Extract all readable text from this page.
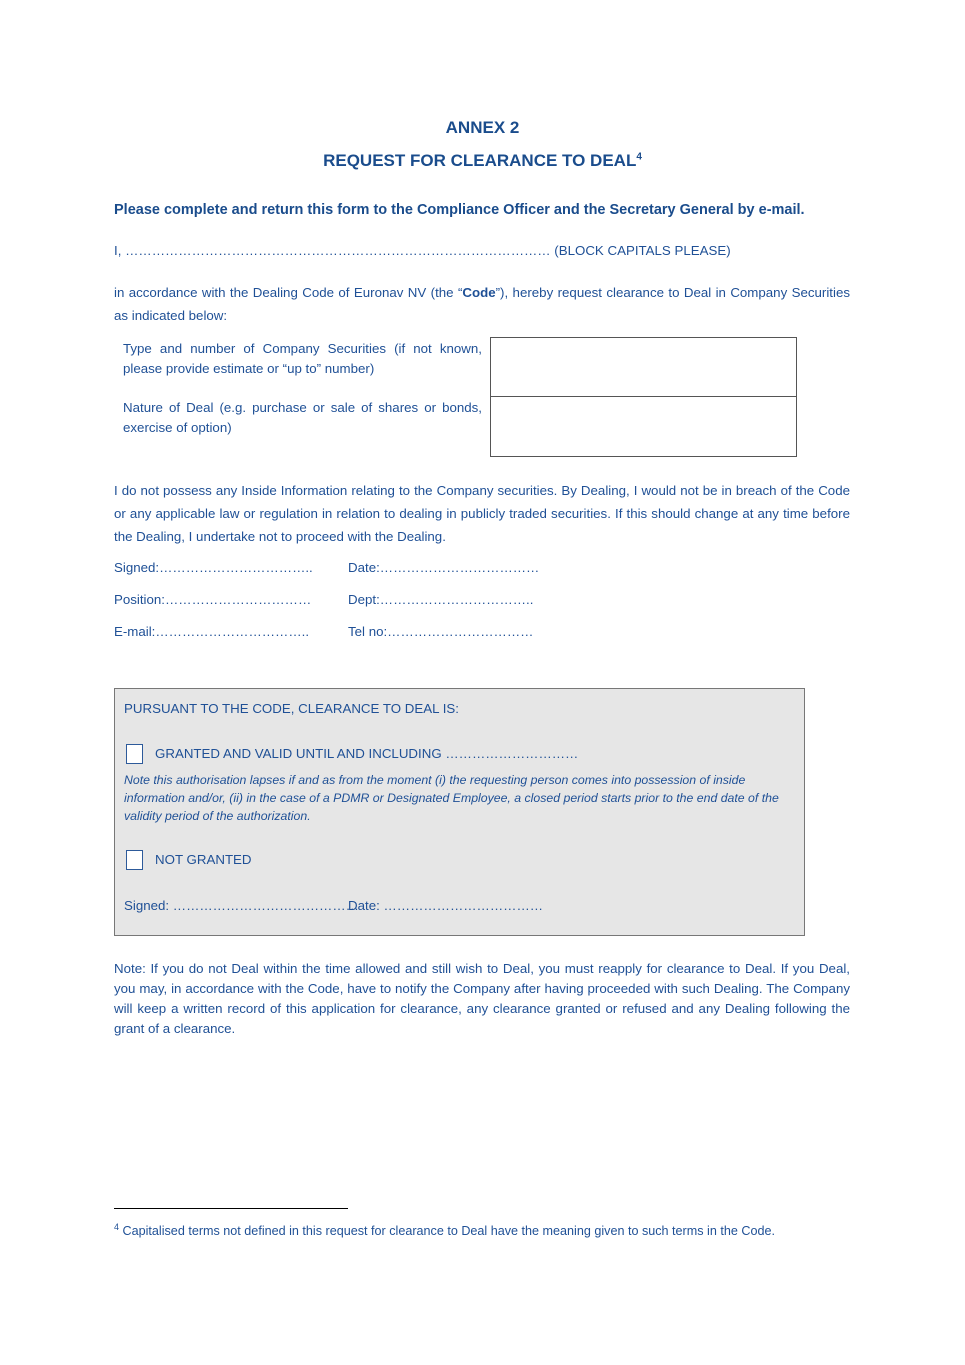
ANNEX 2
REQUEST FOR CLEARANCE TO DEAL$^4$
Please complete and return this form to the Compliance Officer and the Secretary General by e-mail.
I, …………………………………………………………………………………… (BLOCK CAPITALS PLEASE)
in accordance with the Dealing Code of Euronav NV (the “Code”), hereby request clearance to Deal in Company Securities as indicated below:
Type and number of Company Securities (if not known, please provide estimate or “up to” number)
Nature of Deal (e.g. purchase or sale of shares or bonds, exercise of option)
I do not possess any Inside Information relating to the Company securities. By Dealing, I would not be in breach of the Code or any applicable law or regulation in relation to dealing in publicly traded securities. If this should change at any time before the Dealing, I undertake not to proceed with the Dealing.
Signed:……………………………..	Date:………………………………
Position:……………………………	Dept:……………………………..
E-mail:……………………………..	Tel no:……………………………
PURSUANT TO THE CODE, CLEARANCE TO DEAL IS:
GRANTED AND VALID UNTIL AND INCLUDING …………………………
Note this authorisation lapses if and as from the moment (i) the requesting person comes into possession of inside information and/or, (ii) in the case of a PDMR or Designated Employee, a closed period starts prior to the end date of the validity period of the authorization.
NOT GRANTED
Signed: ……………………………………
Date: ………………………………
Note: If you do not Deal within the time allowed and still wish to Deal, you must reapply for clearance to Deal. If you Deal, you may, in accordance with the Code, have to notify the Company after having proceeded with such Dealing. The Company will keep a written record of this application for clearance, any clearance granted or refused and any Dealing following the grant of a clearance.
$^4$ Capitalised terms not defined in this request for clearance to Deal have the meaning given to such terms in the Code.
